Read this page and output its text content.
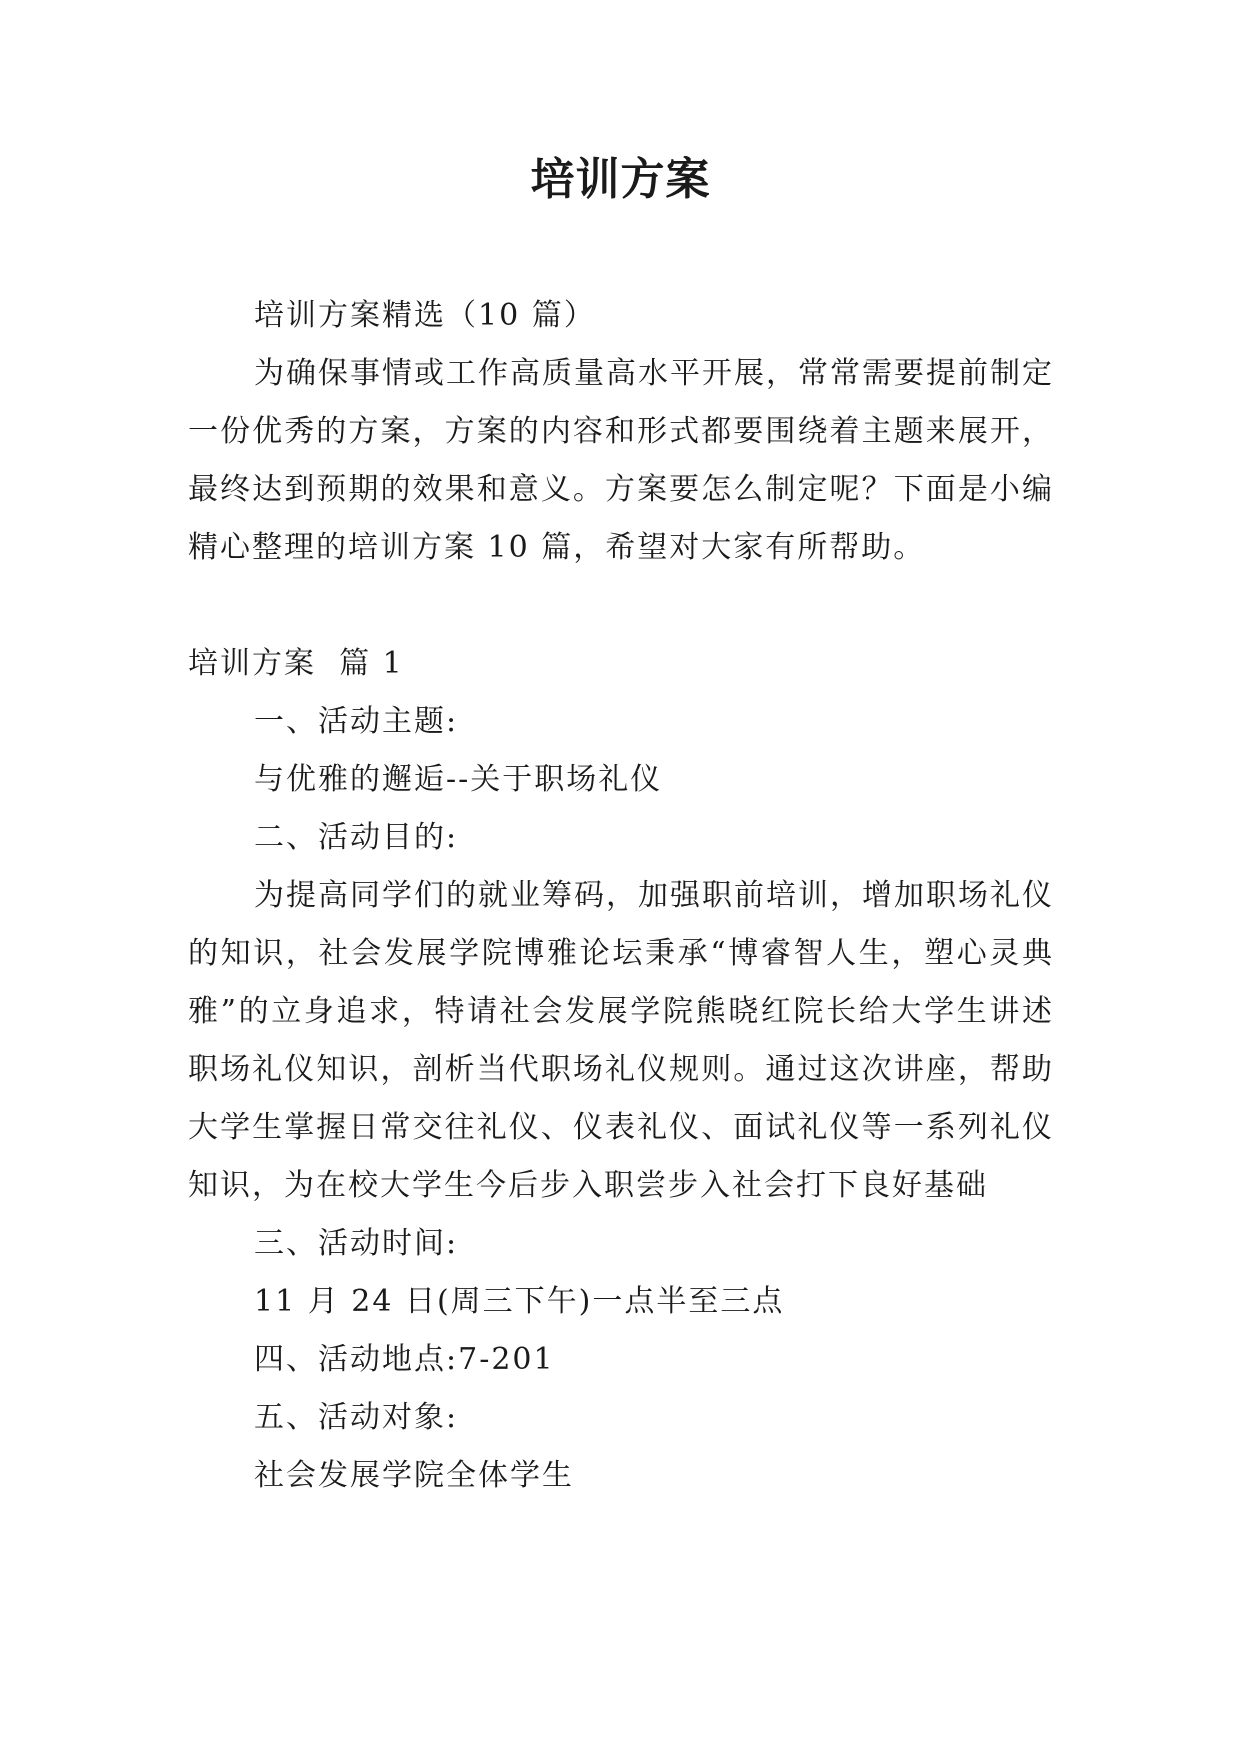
培训方案

培训方案精选（10 篇）

为确保事情或工作高质量高水平开展，常常需要提前制定一份优秀的方案，方案的内容和形式都要围绕着主题来展开，最终达到预期的效果和意义。方案要怎么制定呢？下面是小编精心整理的培训方案 10 篇，希望对大家有所帮助。

培训方案  篇 1

一、活动主题:

与优雅的邂逅--关于职场礼仪

二、活动目的:

为提高同学们的就业筹码，加强职前培训，增加职场礼仪的知识，社会发展学院博雅论坛秉承“博睿智人生，塑心灵典雅”的立身追求，特请社会发展学院熊晓红院长给大学生讲述职场礼仪知识，剖析当代职场礼仪规则。通过这次讲座，帮助大学生掌握日常交往礼仪、仪表礼仪、面试礼仪等一系列礼仪知识，为在校大学生今后步入职尝步入社会打下良好基础

三、活动时间:

11 月 24 日(周三下午)一点半至三点

四、活动地点:7-201

五、活动对象:

社会发展学院全体学生
